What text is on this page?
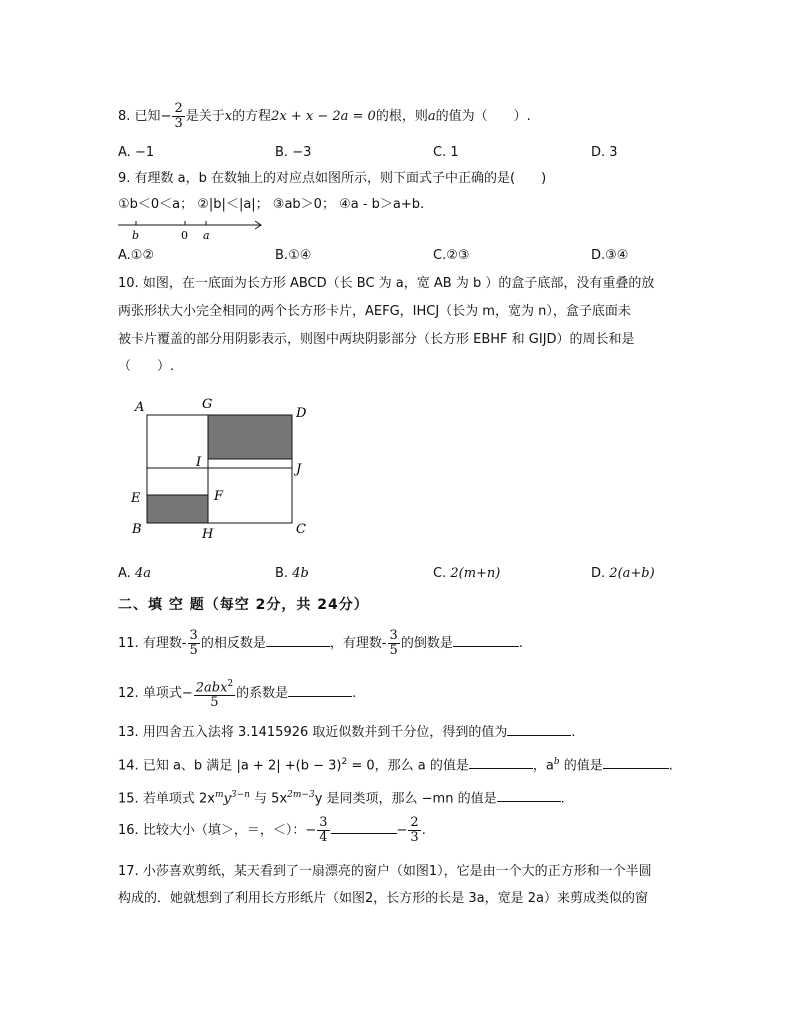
8. 已知− $\frac{2}{3}$ 是关于x的方程2x + x − 2a = 0的根，则a的值为（　　）.
A. −1	B. −3	C. 1	D. 3
9. 有理数 a，b 在数轴上的对应点如图所示，则下面式子中正确的是(　　)
①b＜0＜a； ②|b|＜|a|； ③ab＞0； ④a - b＞a+b.
b	0 a
A.①②	B.①④	C.②③	D.③④
10. 如图，在一底面为长方形 ABCD（长 BC 为 a，宽 AB 为 b ）的盒子底部，没有重叠的放
两张形状大小完全相同的两个长方形卡片，AEFG，IHCJ（长为 m，宽为 n），盒子底面未
被卡片覆盖的部分用阴影表示，则图中两块阴影部分（长方形 EBHF 和 GIJD）的周长和是
（　　）.
A	G
D
I	J
E	F
B	H	C
A. 4a	B. 4b	C. 2(m+n)	D. 2(a+b)
二、填 空 题（每空 2分，共 24分）
11. 有理数- $\frac{3}{5}$ 的相反数是	，有理数- $\frac{3}{5}$ 的倒数是	.
12. 单项式− $\frac{2abx^2}{5}$ 的系数是	.
13. 用四舍五入法将 3.1415926 取近似数并到千分位，得到的值为	.
14. 已知 a、b 满足 $|a + 2| +(b - 3)^2 = 0$，那么 a 的值是	，$a^b$ 的值是	.
15. 若单项式 $2x^my^{3-n}$ 与 $5x^{2m-3}y$ 是同类项，那么 −mn 的值是	.
16. 比较大小（填＞，＝，＜）：− $\frac{3}{4}$	− $\frac{2}{3}$ .
17. 小莎喜欢剪纸，某天看到了一扇漂亮的窗户（如图1），它是由一个大的正方形和一个半圆
构成的．她就想到了利用长方形纸片（如图2，长方形的长是 3a，宽是 2a）来剪成类似的窗
